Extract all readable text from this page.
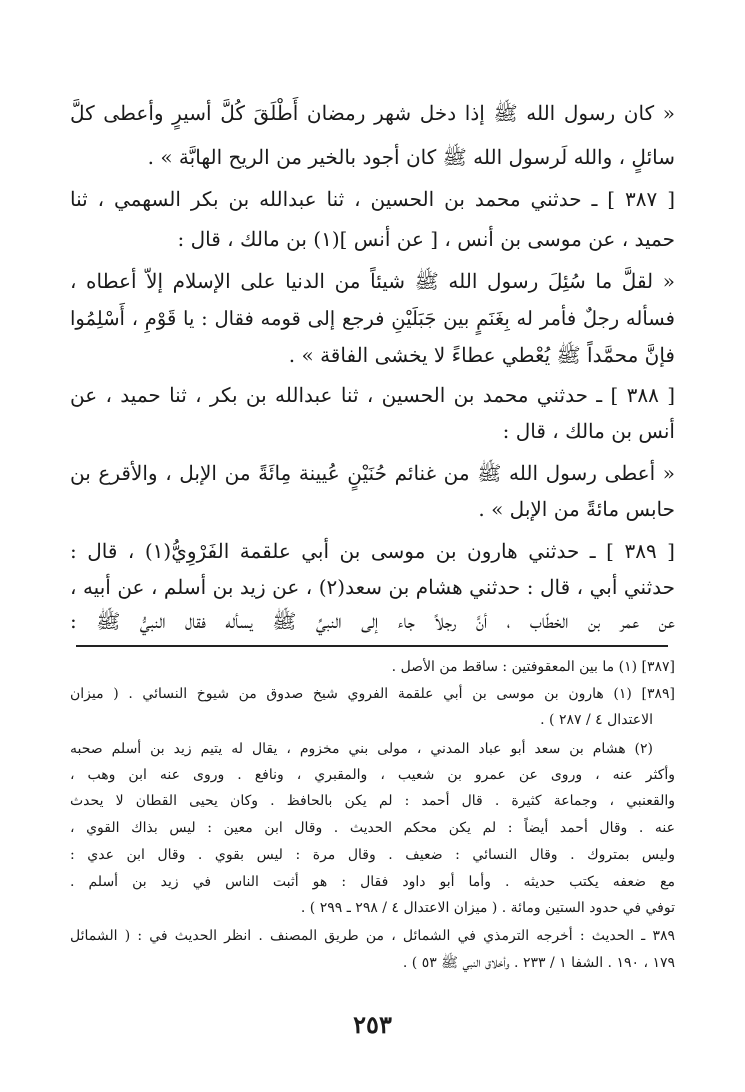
« كان رسول الله ﷺ إذا دخل شهر رمضان أَطْلَقَ كُلَّ أسيرٍ وأعطى كلَّ
سائلٍ ، والله لَرسول الله ﷺ كان أجود بالخير من الريح الهابَّة » .
[ ٣٨٧ ] ـ حدثني محمد بن الحسين ، ثنا عبدالله بن بكر السهمي ، ثنا
حميد ، عن موسى بن أنس ، [ عن أنس ](١) بن مالك ، قال :
« لقلَّ ما سُئِلَ رسول الله ﷺ شيئاً من الدنيا على الإسلام إلاّ أعطاه ،
فسأله رجلٌ فأمر له بِغَنَمٍ بين جَبَلَيْنِ فرجع إلى قومه فقال : يا قَوْمِ ، أَسْلِمُوا
فإنَّ محمَّداً ﷺ يُعْطي عطاءً لا يخشى الفاقة » .
[ ٣٨٨ ] ـ حدثني محمد بن الحسين ، ثنا عبدالله بن بكر ، ثنا حميد ، عن
أنس بن مالك ، قال :
« أعطى رسول الله ﷺ من غنائم حُنَيْنٍ عُيينة مِائَةً من الإبل ، والأقرع بن
حابس مائةً من الإبل » .
[ ٣٨٩ ] ـ حدثني هارون بن موسى بن أبي علقمة الفَرْوِيُّ(١) ، قال :
حدثني أبي ، قال : حدثني هشام بن سعد(٢) ، عن زيد بن أسلم ، عن أبيه ،
عن عمر بن الخطّاب ، أنَّ رجلاً جاء إلى النبيِّ ﷺ يسأله فقال النبيُّ ﷺ :
[٣٨٧] (١) ما بين المعقوفتين : ساقط من الأصل .
[٣٨٩] (١) هارون بن موسى بن أبي علقمة الفروي شيخ صدوق من شيوخ النسائي . ( ميزان
الاعتدال ٤ / ٢٨٧ ) .
(٢) هشام بن سعد أبو عباد المدني ، مولى بني مخزوم ، يقال له يتيم زيد بن أسلم صحبه
وأكثر عنه ، وروى عن عمرو بن شعيب ، والمقبري ، ونافع . وروى عنه ابن وهب ،
والقعنبي ، وجماعة كثيرة . قال أحمد : لم يكن بالحافظ . وكان يحيى القطان لا يحدث
عنه . وقال أحمد أيضاً : لم يكن محكم الحديث . وقال ابن معين : ليس بذاك القوي ،
وليس بمتروك . وقال النسائي : ضعيف . وقال مرة : ليس بقوي . وقال ابن عدي :
مع ضعفه يكتب حديثه . وأما أبو داود فقال : هو أثبت الناس في زيد بن أسلم .
توفي في حدود الستين ومائة . ( ميزان الاعتدال ٤ / ٢٩٨ ـ ٢٩٩ ) .
٣٨٩ ـ الحديث : أخرجه الترمذي في الشمائل ، من طريق المصنف . انظر الحديث في : ( الشمائل
١٧٩ ، ١٩٠ . الشفا ١ / ٢٣٣ . وأخلاق النبي ﷺ ٥٣ ) .
٢٥٣
